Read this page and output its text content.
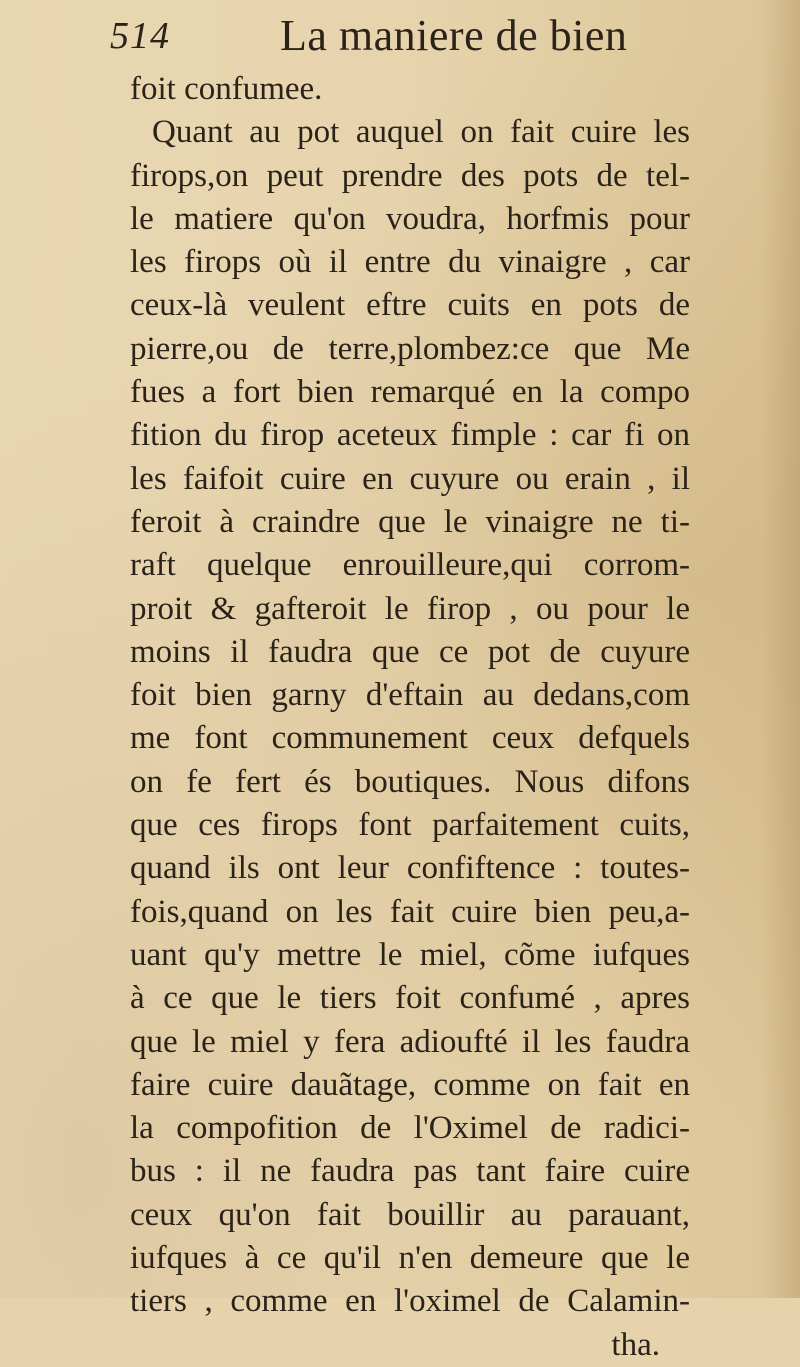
514	La maniere de bien
foit confumee.
Quant au pot auquel on fait cuire les
firops,on peut prendre des pots de tel-
le matiere qu'on voudra, horfmis pour
les firops où il entre du vinaigre , car
ceux-là veulent eftre cuits en pots de
pierre,ou de terre,plombez:ce que Me
fues a fort bien remarqué en la compo
fition du firop aceteux fimple : car fi on
les faifoit cuire en cuyure ou erain , il
feroit à craindre que le vinaigre ne ti-
raft quelque enrouilleure,qui corrom-
proit & gafteroit le firop , ou pour le
moins il faudra que ce pot de cuyure
foit bien garny d'eftain au dedans,com
me font communement ceux defquels
on fe fert és boutiques. Nous difons
que ces firops font parfaitement cuits,
quand ils ont leur confiftence : toutes-
fois,quand on les fait cuire bien peu,a-
uant qu'y mettre le miel, cõme iufques
à ce que le tiers foit confumé , apres
que le miel y fera adioufté il les faudra
faire cuire dauãtage, comme on fait en
la compofition de l'Oximel de radici-
bus : il ne faudra pas tant faire cuire
ceux qu'on fait bouillir au parauant,
iufques à ce qu'il n'en demeure que le
tiers , comme en l'oximel de Calamin-
tha.
